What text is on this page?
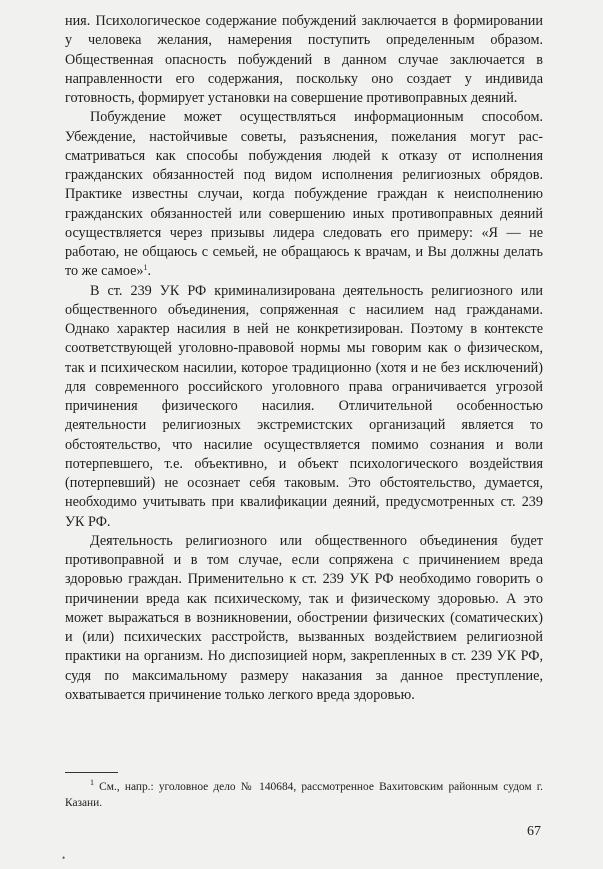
ния. Психологическое содержание побуждений заключается в формировании у человека желания, намерения поступить определенным образом. Общественная опасность побуждений в данном случае заключается в направленности его содержания, поскольку оно создает у индивида готовность, формирует установки на совершение противоправных деяний.

Побуждение может осуществляться информационным способом. Убеждение, настойчивые советы, разъяснения, пожелания могут рассматриваться как способы побуждения людей к отказу от исполнения гражданских обязанностей под видом исполнения религиозных обрядов. Практике известны случаи, когда побуждение граждан к неисполнению гражданских обязанностей или совершению иных противоправных деяний осуществляется через призывы лидера следовать его примеру: «Я — не работаю, не общаюсь с семьей, не обращаюсь к врачам, и Вы должны делать то же самое»$^1$.

В ст. 239 УК РФ криминализирована деятельность религиозного или общественного объединения, сопряженная с насилием над гражданами. Однако характер насилия в ней не конкретизирован. Поэтому в контексте соответствующей уголовно-правовой нормы мы говорим как о физическом, так и психическом насилии, которое традиционно (хотя и не без исключений) для современного российского уголовного права ограничивается угрозой причинения физического насилия. Отличительной особенностью деятельности религиозных экстремистских организаций является то обстоятельство, что насилие осуществляется помимо сознания и воли потерпевшего, т.е. объективно, и объект психологического воздействия (потерпевший) не осознает себя таковым. Это обстоятельство, думается, необходимо учитывать при квалификации деяний, предусмотренных ст. 239 УК РФ.

Деятельность религиозного или общественного объединения будет противоправной и в том случае, если сопряжена с причинением вреда здоровью граждан. Применительно к ст. 239 УК РФ необходимо говорить о причинении вреда как психическому, так и физическому здоровью. А это может выражаться в возникновении, обострении физических (соматических) и (или) психических расстройств, вызванных воздействием религиозной практики на организм. Но диспозицией норм, закрепленных в ст. 239 УК РФ, судя по максимальному размеру наказания за данное преступление, охватывается причинение только легкого вреда здоровью.

$^1$ См., напр.: уголовное дело № 140684, рассмотренное Вахитовским районным судом г. Казани.

67
•
